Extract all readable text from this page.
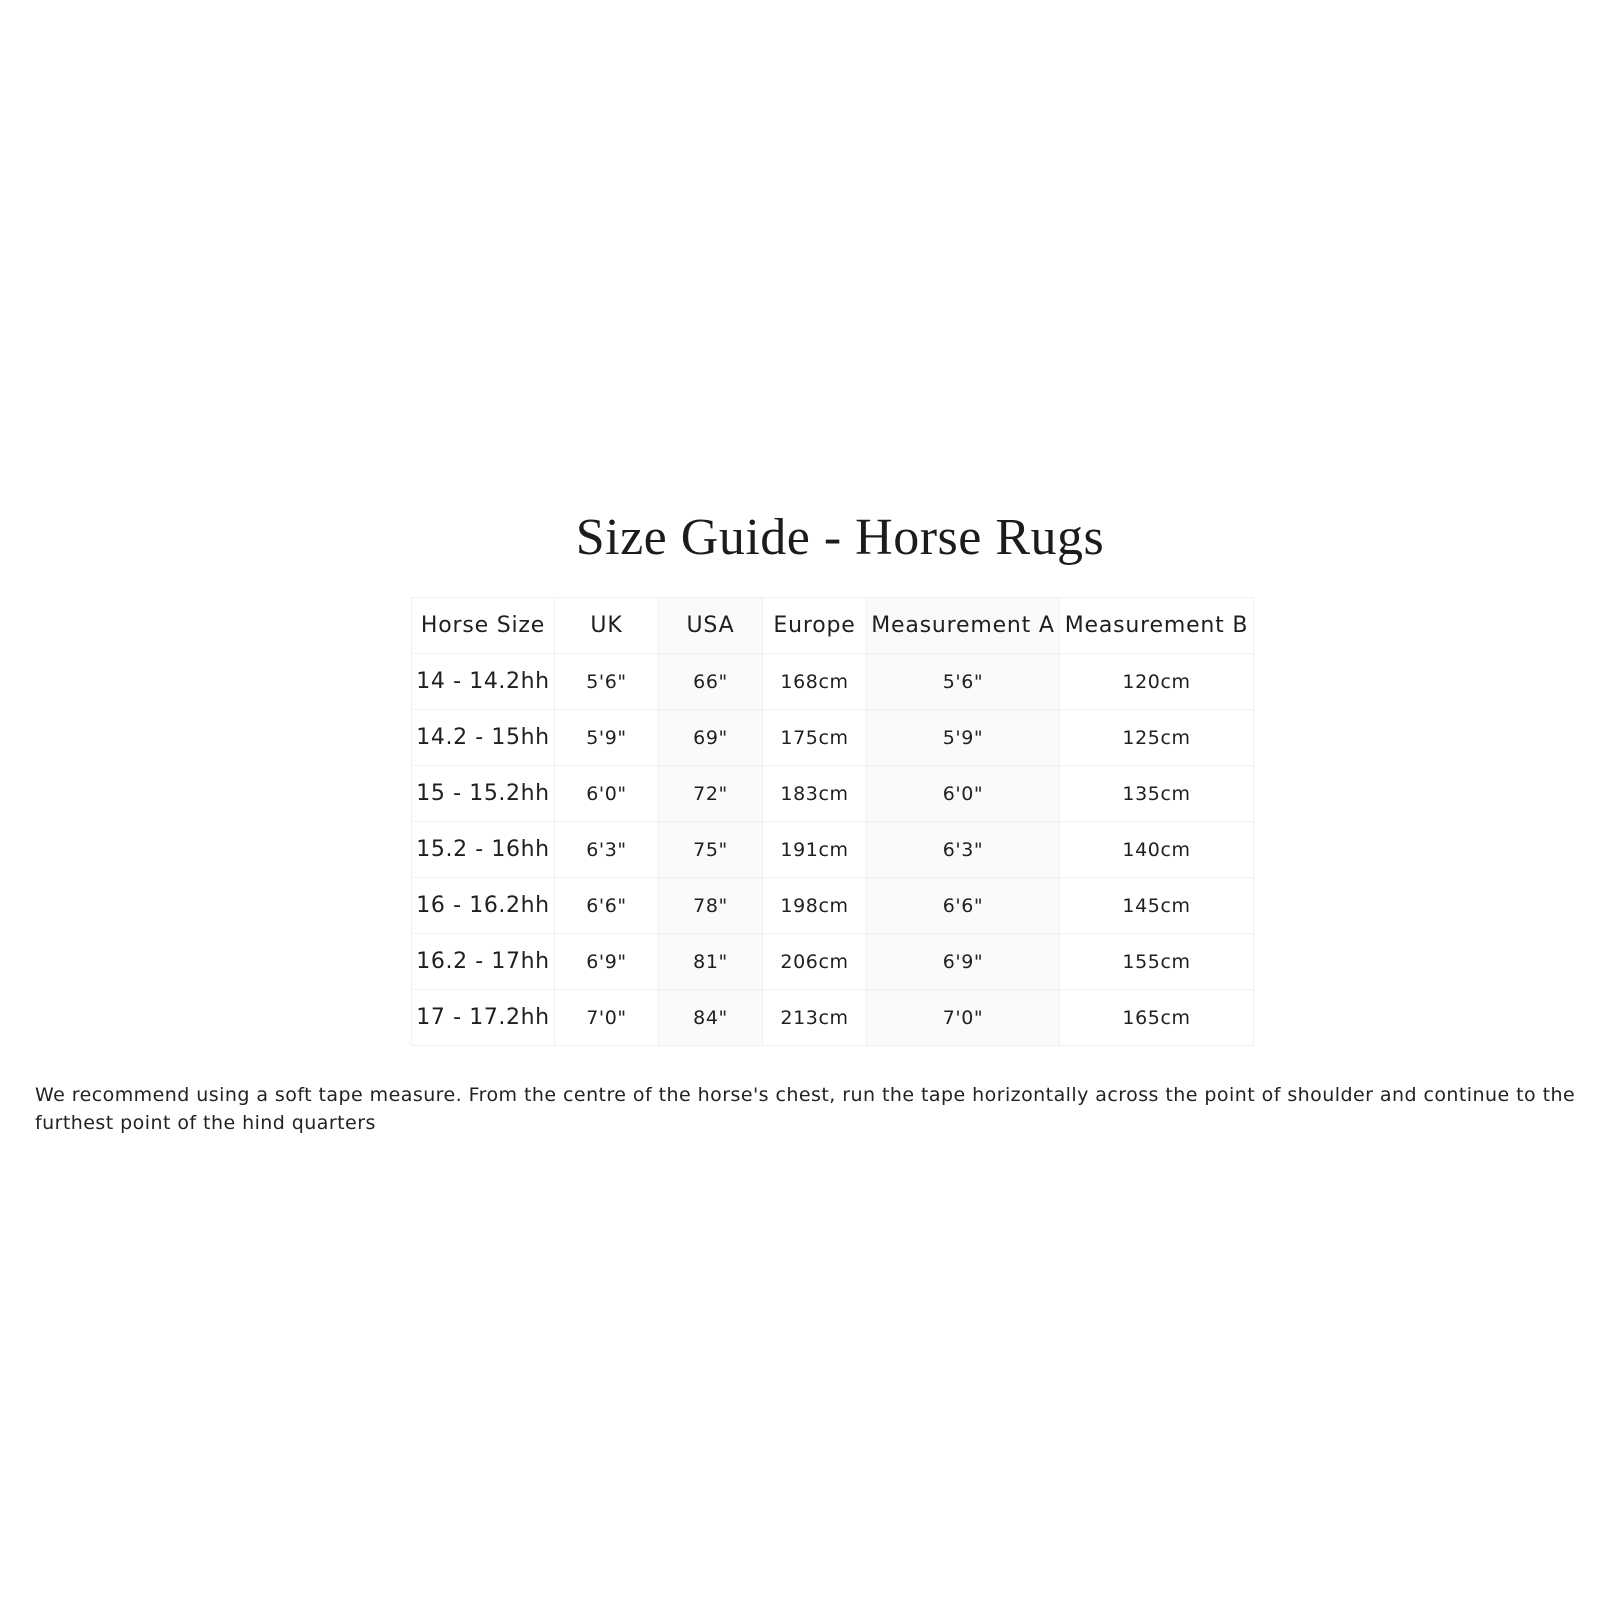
Size Guide - Horse Rugs
Horse Size	UK	USA	Europe	Measurement A	Measurement B
14 - 14.2hh	5'6"	66"	168cm	5'6"	120cm
14.2 - 15hh	5'9"	69"	175cm	5'9"	125cm
15 - 15.2hh	6'0"	72"	183cm	6'0"	135cm
15.2 - 16hh	6'3"	75"	191cm	6'3"	140cm
16 - 16.2hh	6'6"	78"	198cm	6'6"	145cm
16.2 - 17hh	6'9"	81"	206cm	6'9"	155cm
17 - 17.2hh	7'0"	84"	213cm	7'0"	165cm

We recommend using a soft tape measure. From the centre of the horse's chest, run the tape horizontally across the point of shoulder and continue to the furthest point of the hind quarters
